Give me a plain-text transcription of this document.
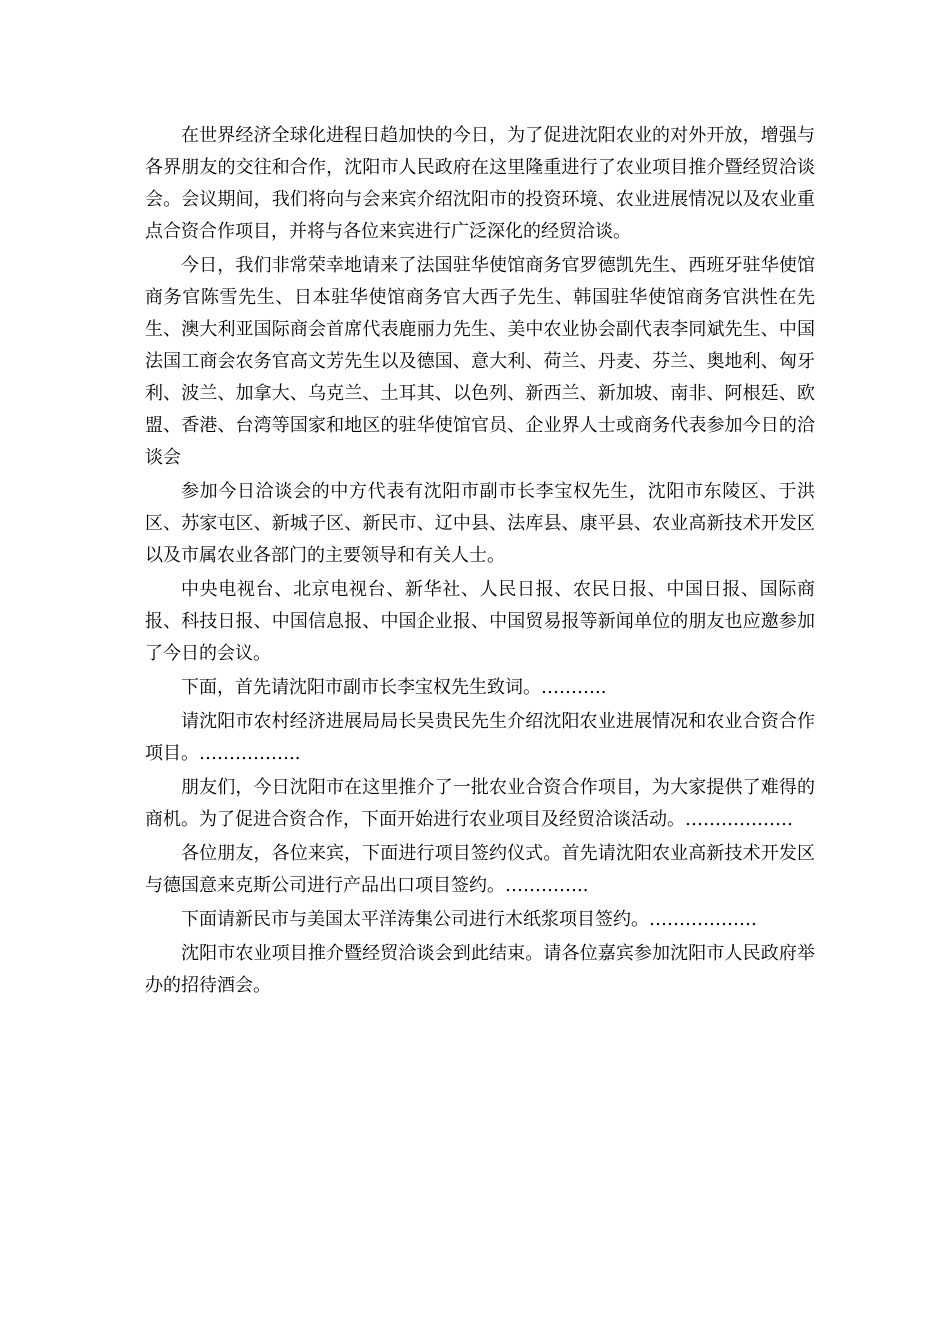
在世界经济全球化进程日趋加快的今日，为了促进沈阳农业的对外开放，增强与各界朋友的交往和合作，沈阳市人民政府在这里隆重进行了农业项目推介暨经贸洽谈会。会议期间，我们将向与会来宾介绍沈阳市的投资环境、农业进展情况以及农业重点合资合作项目，并将与各位来宾进行广泛深化的经贸洽谈。

今日，我们非常荣幸地请来了法国驻华使馆商务官罗德凯先生、西班牙驻华使馆商务官陈雪先生、日本驻华使馆商务官大西子先生、韩国驻华使馆商务官洪性在先生、澳大利亚国际商会首席代表鹿丽力先生、美中农业协会副代表李同斌先生、中国法国工商会农务官高文芳先生以及德国、意大利、荷兰、丹麦、芬兰、奥地利、匈牙利、波兰、加拿大、乌克兰、土耳其、以色列、新西兰、新加坡、南非、阿根廷、欧盟、香港、台湾等国家和地区的驻华使馆官员、企业界人士或商务代表参加今日的洽谈会

参加今日洽谈会的中方代表有沈阳市副市长李宝权先生，沈阳市东陵区、于洪区、苏家屯区、新城子区、新民市、辽中县、法库县、康平县、农业高新技术开发区以及市属农业各部门的主要领导和有关人士。

中央电视台、北京电视台、新华社、人民日报、农民日报、中国日报、国际商报、科技日报、中国信息报、中国企业报、中国贸易报等新闻单位的朋友也应邀参加了今日的会议。

下面，首先请沈阳市副市长李宝权先生致词。………..

请沈阳市农村经济进展局局长吴贵民先生介绍沈阳农业进展情况和农业合资合作项目。……………..

朋友们，今日沈阳市在这里推介了一批农业合资合作项目，为大家提供了难得的商机。为了促进合资合作，下面开始进行农业项目及经贸洽谈活动。………………

各位朋友，各位来宾，下面进行项目签约仪式。首先请沈阳农业高新技术开发区与德国意来克斯公司进行产品出口项目签约。…………..

下面请新民市与美国太平洋涛集公司进行木纸浆项目签约。………………

沈阳市农业项目推介暨经贸洽谈会到此结束。请各位嘉宾参加沈阳市人民政府举办的招待酒会。
